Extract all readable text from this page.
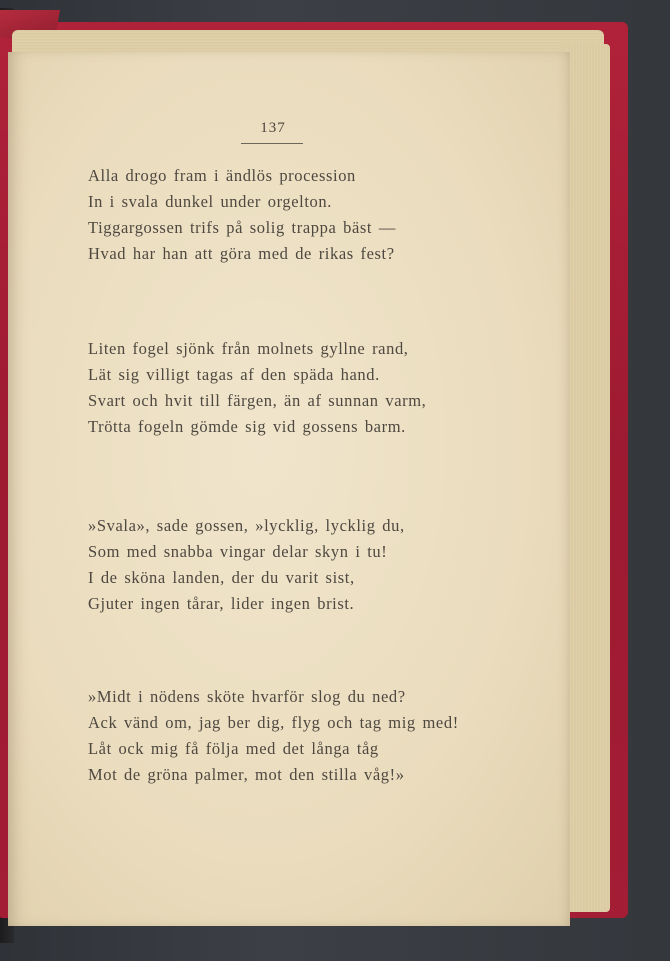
137
Alla drogo fram i ändlös procession
In i svala dunkel under orgelton.
Tiggargossen trifs på solig trappa bäst —
Hvad har han att göra med de rikas fest?
Liten fogel sjönk från molnets gyllne rand,
Lät sig villigt tagas af den späda hand.
Svart och hvit till färgen, än af sunnan varm,
Trötta fogeln gömde sig vid gossens barm.
»Svala», sade gossen, »lycklig, lycklig du,
Som med snabba vingar delar skyn i tu!
I de sköna landen, der du varit sist,
Gjuter ingen tårar, lider ingen brist.
»Midt i nödens sköte hvarför slog du ned?
Ack vänd om, jag ber dig, flyg och tag mig med!
Låt ock mig få följa med det långa tåg
Mot de gröna palmer, mot den stilla våg!»
